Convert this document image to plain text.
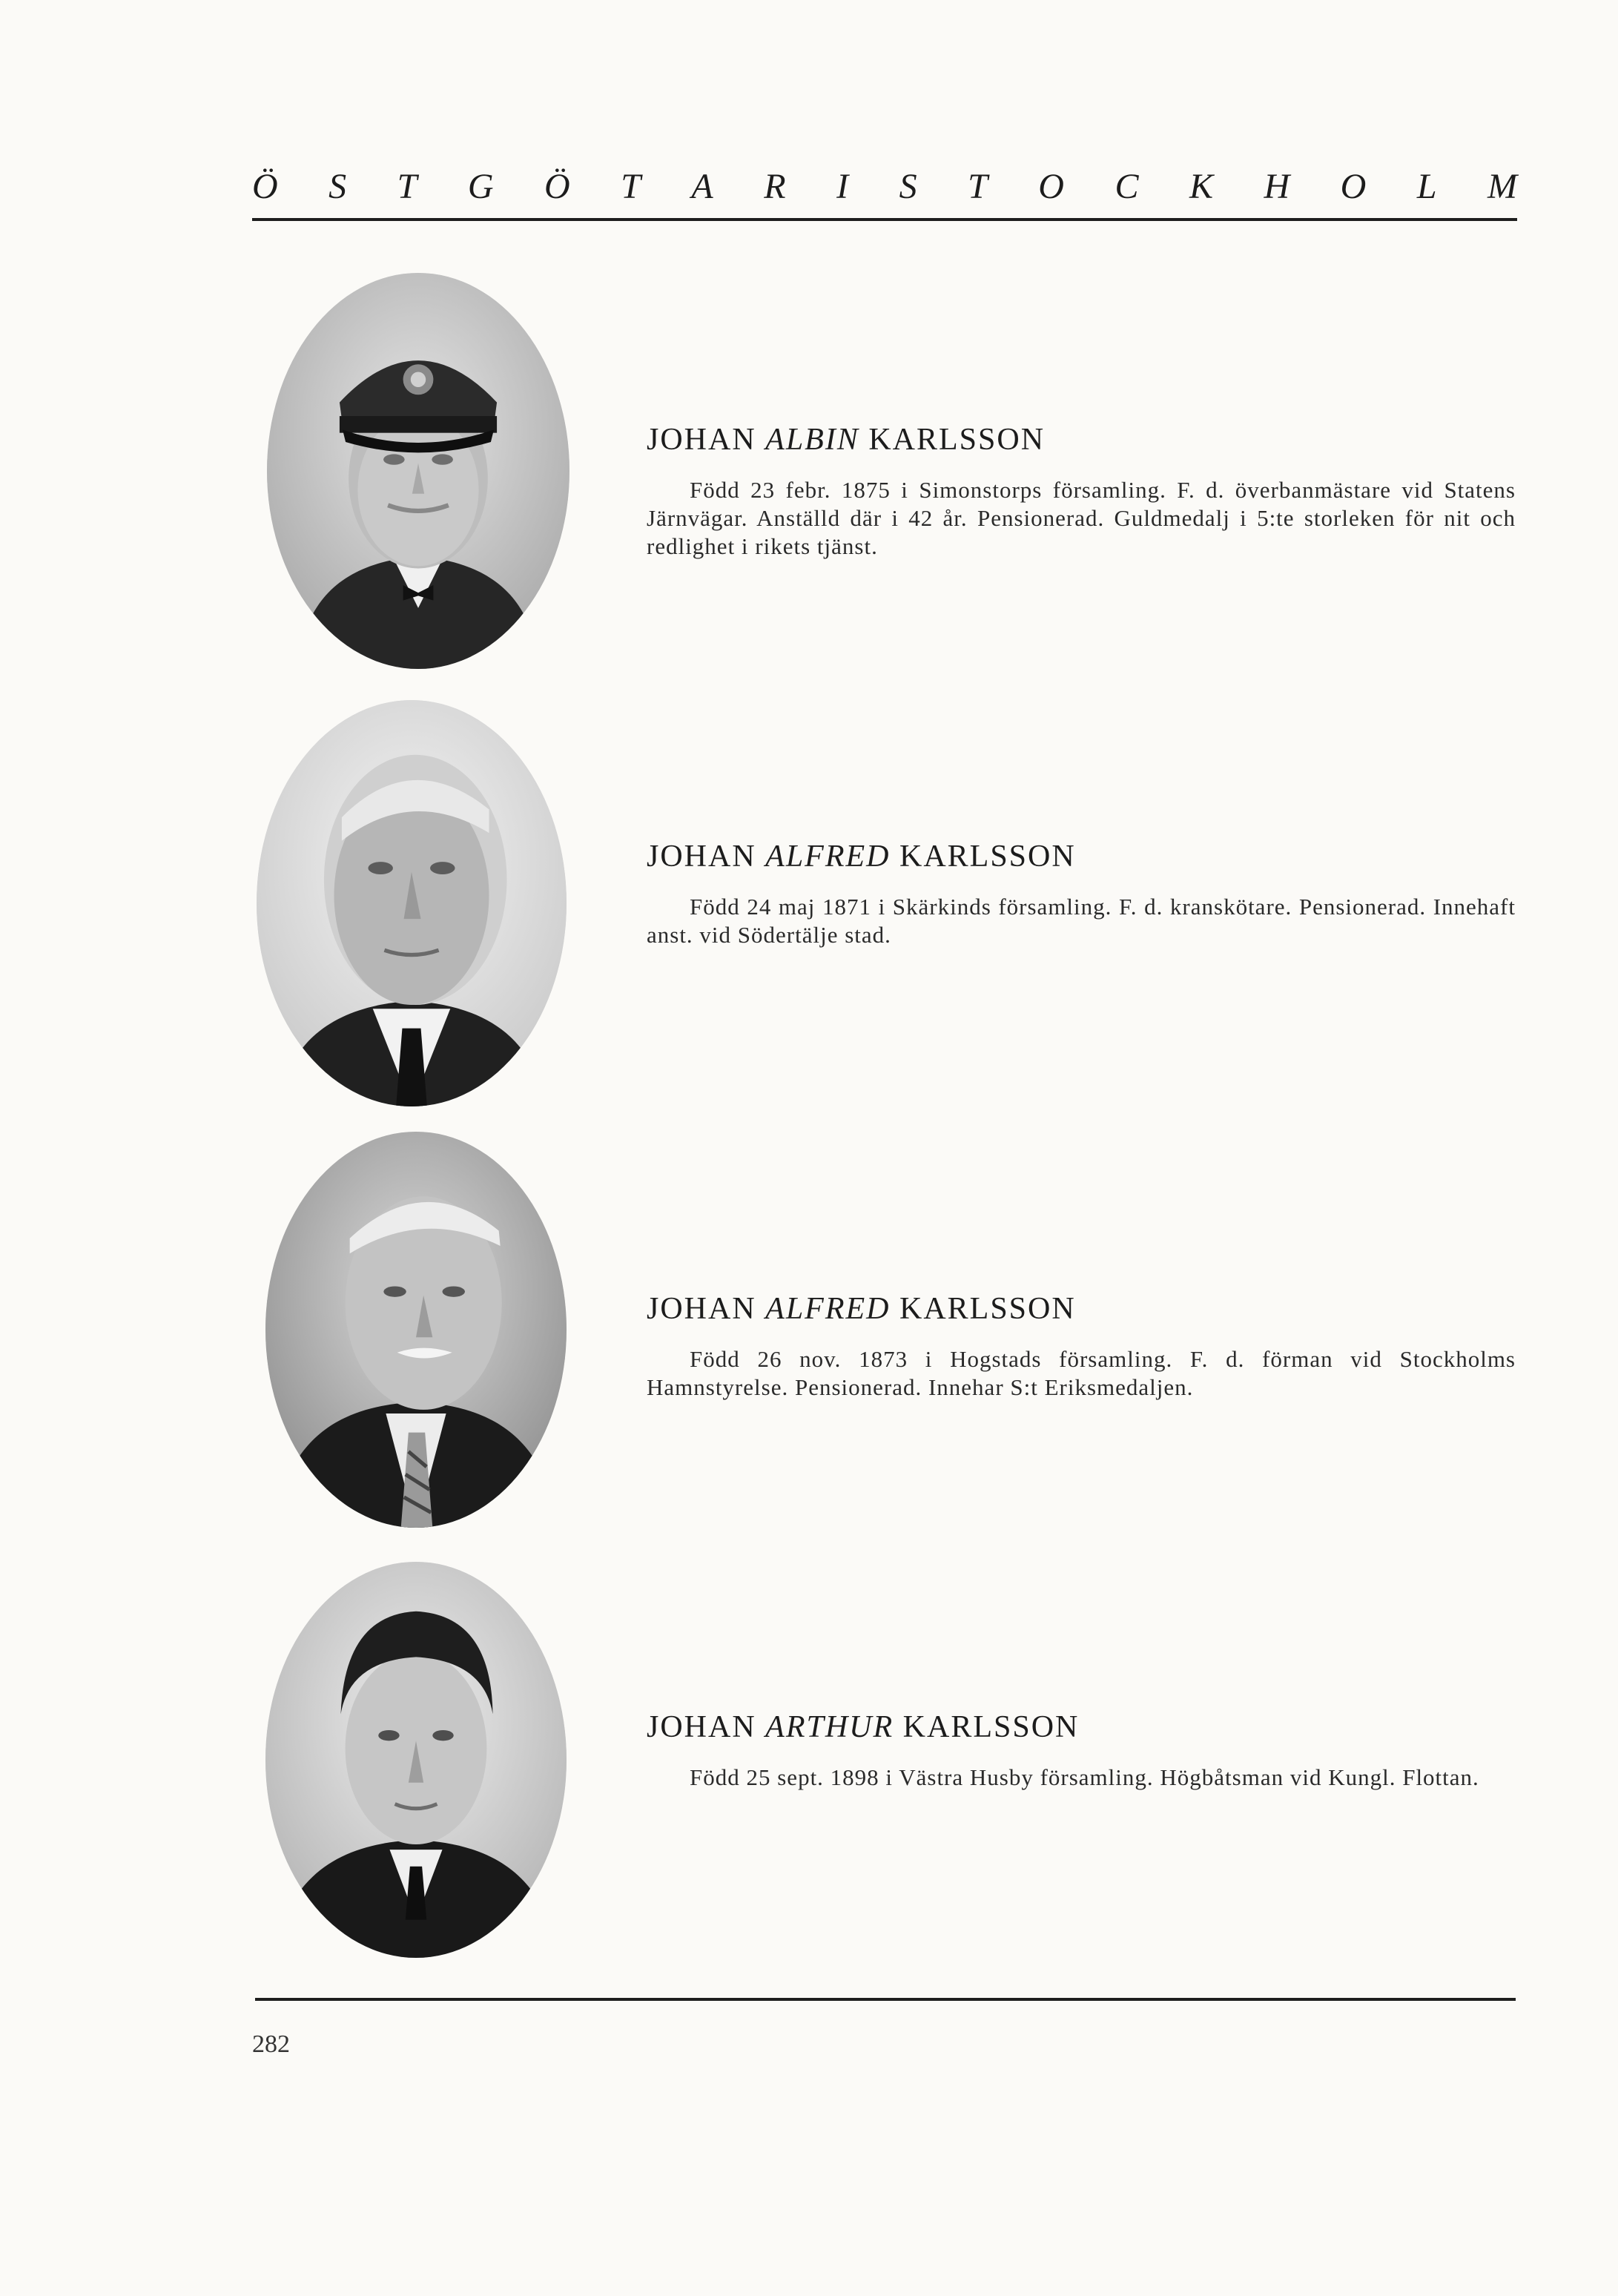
Ö S T G Ö T A R I S T O C K H O L M

JOHAN ALBIN KARLSSON

Född 23 febr. 1875 i Simonstorps församling. F. d. överbanmästare vid Statens Järnvägar. Anställd där i 42 år. Pensionerad. Guldmedalj i 5:te storleken för nit och redlighet i rikets tjänst.

JOHAN ALFRED KARLSSON

Född 24 maj 1871 i Skärkinds församling. F. d. kranskötare. Pensionerad. Innehaft anst. vid Södertälje stad.

JOHAN ALFRED KARLSSON

Född 26 nov. 1873 i Hogstads församling. F. d. förman vid Stockholms Hamnstyrelse. Pensionerad. Innehar S:t Eriksmedaljen.

JOHAN ARTHUR KARLSSON

Född 25 sept. 1898 i Västra Husby församling. Högbåtsman vid Kungl. Flottan.

282
